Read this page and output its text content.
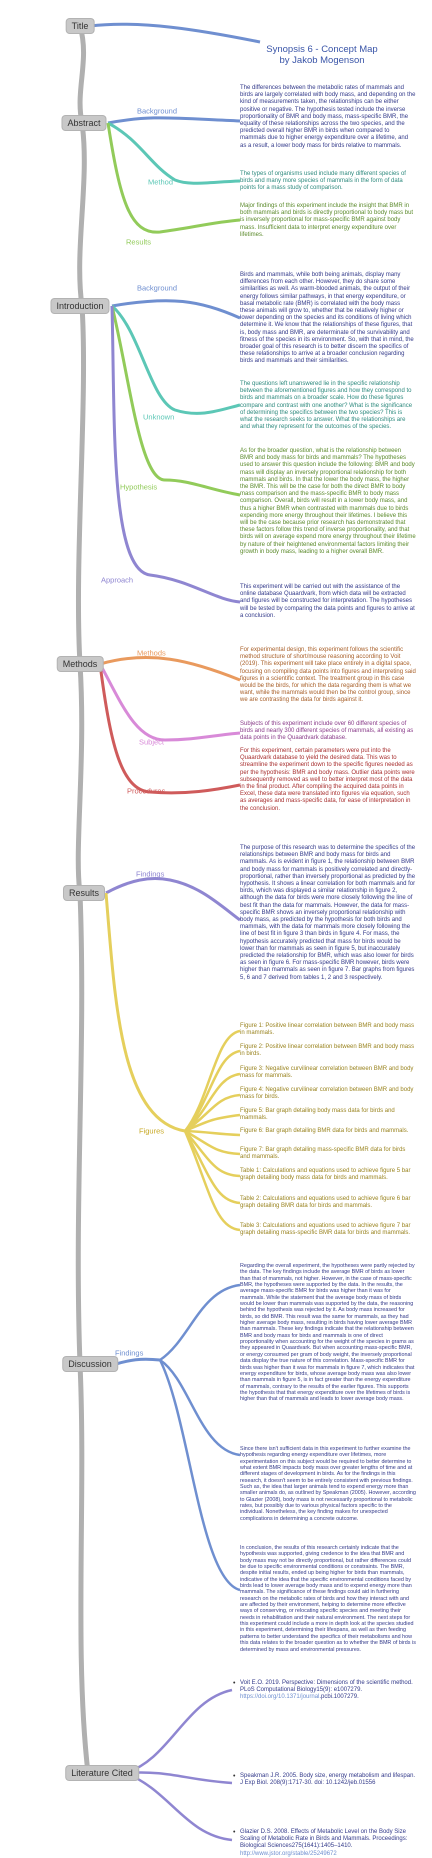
Title
Synopsis 6 - Concept Map
by Jakob Mogenson
Abstract
Background
Method
Results

The differences between the metabolic rates of mammals and birds are largely correlated with body mass, and depending on the kind of measurements taken, the relationships can be either positive or negative. The hypothesis tested include the inverse proportionality of BMR and body mass, mass-specific BMR, the equality of these relationships across the two species, and the predicted overall higher BMR in birds when compared to mammals due to higher energy expenditure over a lifetime, and as a result, a lower body mass for birds relative to mammals.

The types of organisms used include many different species of birds and many more species of mammals in the form of data points for a mass study of comparison.

Major findings of this experiment include the insight that BMR in both mammals and birds is directly proportional to body mass but is inversely proportional for mass-specific BMR against body mass. Insufficient data to interpret energy expenditure over lifetimes.

Introduction
Background
Unknown
Hypothesis
Approach

Birds and mammals, while both being animals, display many differences from each other. However, they do share some similarities as well. As warm-blooded animals, the output of their energy follows similar pathways, in that energy expenditure, or basal metabolic rate (BMR) is correlated with the body mass these animals will grow to, whether that be relatively higher or lower depending on the species and its conditions of living which determine it. We know that the relationships of these figures, that is, body mass and BMR, are determinate of the survivability and fitness of the species in its environment. So, with that in mind, the broader goal of this research is to better discern the specifics of these relationships to arrive at a broader conclusion regarding birds and mammals and their similarities.

The questions left unanswered lie in the specific relationship between the aforementioned figures and how they correspond to birds and mammals on a broader scale. How do these figures compare and contrast with one another? What is the significance of determining the specifics between the two species? This is what the research seeks to answer. What the relationships are and what they represent for the outcomes of the species.

As for the broader question, what is the relationship between BMR and body mass for birds and mammals? The hypotheses used to answer this question include the following: BMR and body mass will display an inversely proportional relationship for both mammals and birds. In that the lower the body mass, the higher the BMR. This will be the case for both the direct BMR to body mass comparison and the mass-specific BMR to body mass comparison. Overall, birds will result in a lower body mass, and thus a higher BMR when contrasted with mammals due to birds expending more energy throughout their lifetimes. I believe this will be the case because prior research has demonstrated that these factors follow this trend of inverse proportionality, and that birds will on average expend more energy throughout their lifetime by nature of their heightened environmental factors limiting their growth in body mass, leading to a higher overall BMR.

This experiment will be carried out with the assistance of the online database Quaardvark, from which data will be extracted and figures will be constructed for interpretation. The hypotheses will be tested by comparing the data points and figures to arrive at a conclusion.

Methods
Methods
Subject
Procedures

For experimental design, this experiment follows the scientific method structure of short/mouse reasoning according to Voit (2019). This experiment will take place entirely in a digital space, focusing on compiling data points into figures and interpreting said figures in a scientific context. The treatment group in this case would be the birds, for which the data regarding them is what we want, while the mammals would then be the control group, since we are contrasting the data for birds against it.

Subjects of this experiment include over 60 different species of birds and nearly 300 different species of mammals, all existing as data points in the Quaardvark database.

For this experiment, certain parameters were put into the Quaardvark database to yield the desired data. This was to streamline the experiment down to the specific figures needed as per the hypothesis: BMR and body mass. Outlier data points were subsequently removed as well to better interpret most of the data in the final product. After compiling the acquired data points in Excel, these data were translated into figures via equation, such as averages and mass-specific data, for ease of interpretation in the conclusion.

Results
Findings
Figures

The purpose of this research was to determine the specifics of the relationships between BMR and body mass for birds and mammals. As is evident in figure 1, the relationship between BMR and body mass for mammals is positively correlated and directly-proportional, rather than inversely proportional as predicted by the hypothesis. It shows a linear correlation for both mammals and for birds, which was displayed a similar relationship in figure 2, although the data for birds were more closely following the line of best fit than the data for mammals. However, the data for mass-specific BMR shows an inversely proportional relationship with body mass, as predicted by the hypothesis for both birds and mammals, with the data for mammals more closely following the line of best fit in figure 3 than birds in figure 4. For mass, the hypothesis accurately predicted that mass for birds would be lower than for mammals as seen in figure 5, but inaccurately predicted the relationship for BMR, which was also lower for birds as seen in figure 6. For mass-specific BMR however, birds were higher than mammals as seen in figure 7. Bar graphs from figures 5, 6 and 7 derived from tables 1, 2 and 3 respectively.

Figure 1: Positive linear correlation between BMR and body mass in mammals.
Figure 2: Positive linear correlation between BMR and body mass in birds.
Figure 3: Negative curvilinear correlation between BMR and body mass for mammals.
Figure 4: Negative curvilinear correlation between BMR and body mass for birds.
Figure 5: Bar graph detailing body mass data for birds and mammals.
Figure 6: Bar graph detailing BMR data for birds and mammals.
Figure 7: Bar graph detailing mass-specific BMR data for birds and mammals.
Table 1: Calculations and equations used to achieve figure 5 bar graph detailing body mass data for birds and mammals.
Table 2: Calculations and equations used to achieve figure 6 bar graph detailing BMR data for birds and mammals.
Table 3: Calculations and equations used to achieve figure 7 bar graph detailing mass-specific BMR data for birds and mammals.
Discussion
Findings

Regarding the overall experiment, the hypotheses were partly rejected by the data. The key findings include the average BMR of birds as lower than that of mammals, not higher. However, in the case of mass-specific BMR, the hypotheses were supported by the data. In the results, the average mass-specific BMR for birds was higher than it was for mammals. While the statement that the average body mass of birds would be lower than mammals was supported by the data, the reasoning behind the hypothesis was rejected by it. As body mass increased for birds, so did BMR. This result was the same for mammals, as they had higher average body mass, resulting in birds having lower average BMR than mammals. These key findings indicate that the relationship between BMR and body mass for birds and mammals is one of direct proportionality when accounting for the weight of the species in grams as they appeared in Quaardvark. But when accounting mass-specific BMR, or energy consumed per gram of body weight, the inversely proportional data display the true nature of this correlation. Mass-specific BMR for birds was higher than it was for mammals in figure 7, which indicates that energy expenditure for birds, whose average body mass was also lower than mammals in figure 5, is in fact greater than the energy expenditure of mammals, contrary to the results of the earlier figures. This supports the hypothesis that that energy expenditure over the lifetimes of birds is higher than that of mammals and leads to lower average body mass.

Since there isn't sufficient data in this experiment to further examine the hypothesis regarding energy expenditure over lifetimes, more experimentation on this subject would be required to better determine to what extent BMR impacts body mass over greater lengths of time and at different stages of development in birds. As for the findings in this research, it doesn't seem to be entirely consistent with previous findings. Such as, the idea that larger animals tend to expend energy more than smaller animals do, as outlined by Speakman (2005). However, according to Glazier (2008), body mass is not necessarily proportional to metabolic rates, but possibly due to various physical factors specific to the individual. Nonetheless, the key finding makes for unexpected complications in determining a concrete outcome.

In conclusion, the results of this research certainly indicate that the hypothesis was supported, giving credence to the idea that BMR and body mass may not be directly proportional, but rather differences could be due to specific environmental conditions or constraints. The BMR, despite initial results, ended up being higher for birds than mammals, indicative of the idea that the specific environmental conditions faced by birds lead to lower average body mass and to expend energy more than mammals. The significance of these findings could aid in furthering research on the metabolic rates of birds and how they interact with and are affected by their environment, helping to determine more effective ways of conserving, or relocating specific species and meeting their needs in rehabilitation and their natural environment. The next steps for this experiment could include a more in depth look at the species studied in this experiment, determining their lifespans, as well as then feeding patterns to better understand the specifics of their metabolisms and how this data relates to the broader question as to whether the BMR of birds is determined by mass and environmental pressures.

Literature Cited
• Voit E.O. 2019. Perspective: Dimensions of the scientific method. PLoS Computational Biology15(9): e1007279. https://doi.org/10.1371/journal.pcbi.1007279.
• Speakman J.R. 2005. Body size, energy metabolism and lifespan. J Exp Biol. 208(9):1717-30. doi: 10.1242/jeb.01556
• Glazier D.S. 2008. Effects of Metabolic Level on the Body Size Scaling of Metabolic Rate in Birds and Mammals. Proceedings: Biological Sciences275(1641):1405–1410. http://www.jstor.org/stable/25249672
